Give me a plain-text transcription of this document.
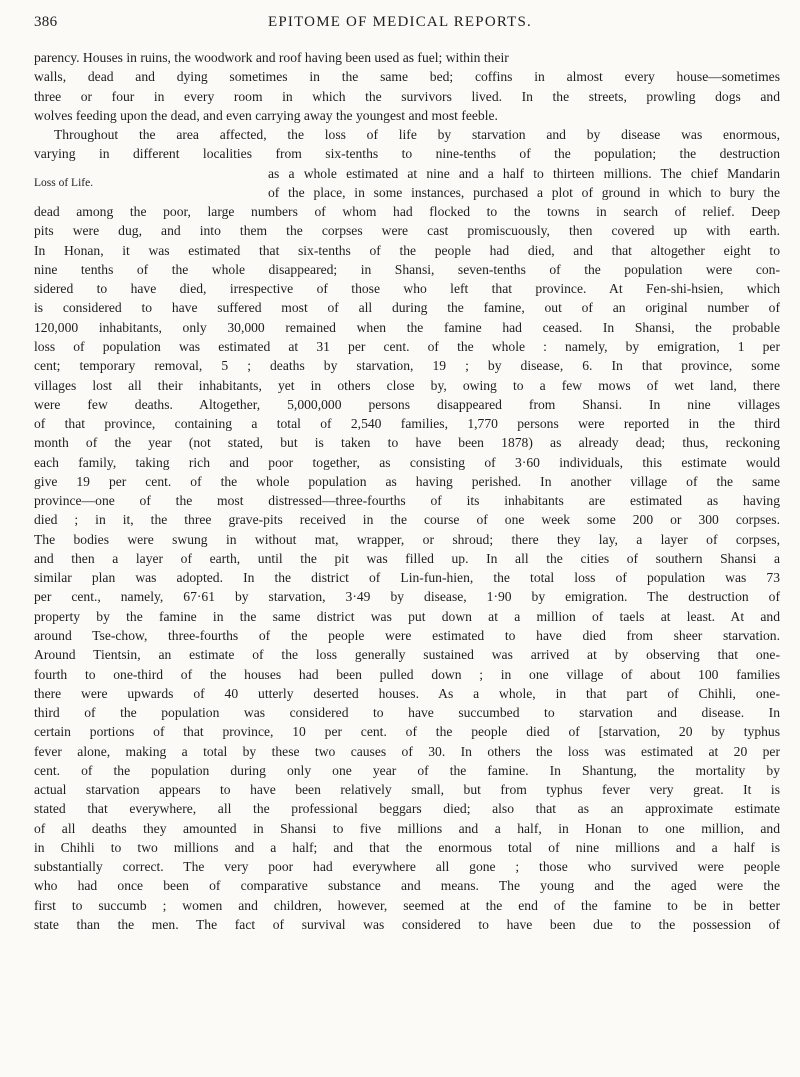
386	EPITOME OF MEDICAL REPORTS.
parency. Houses in ruins, the woodwork and roof having been used as fuel; within their
walls, dead and dying sometimes in the same bed; coffins in almost every house—sometimes
three or four in every room in which the survivors lived. In the streets, prowling dogs and
wolves feeding upon the dead, and even carrying away the youngest and most feeble.
Throughout the area affected, the loss of life by starvation and by disease was enormous,
varying in different localities from six-tenths to nine-tenths of the population; the destruction
Loss of Life.
as a whole estimated at nine and a half to thirteen millions. The chief Mandarin
of the place, in some instances, purchased a plot of ground in which to bury the
dead among the poor, large numbers of whom had flocked to the towns in search of relief. Deep
pits were dug, and into them the corpses were cast promiscuously, then covered up with earth.
In Honan, it was estimated that six-tenths of the people had died, and that altogether eight to
nine tenths of the whole disappeared; in Shansi, seven-tenths of the population were con-
sidered to have died, irrespective of those who left that province. At Fen-shi-hsien, which
is considered to have suffered most of all during the famine, out of an original number of
120,000 inhabitants, only 30,000 remained when the famine had ceased. In Shansi, the probable
loss of population was estimated at 31 per cent. of the whole : namely, by emigration, 1 per
cent; temporary removal, 5 ; deaths by starvation, 19 ; by disease, 6. In that province, some
villages lost all their inhabitants, yet in others close by, owing to a few mows of wet land, there
were few deaths. Altogether, 5,000,000 persons disappeared from Shansi. In nine villages
of that province, containing a total of 2,540 families, 1,770 persons were reported in the third
month of the year (not stated, but is taken to have been 1878) as already dead; thus, reckoning
each family, taking rich and poor together, as consisting of 3·60 individuals, this estimate would
give 19 per cent. of the whole population as having perished. In another village of the same
province—one of the most distressed—three-fourths of its inhabitants are estimated as having
died ; in it, the three grave-pits received in the course of one week some 200 or 300 corpses.
The bodies were swung in without mat, wrapper, or shroud; there they lay, a layer of corpses,
and then a layer of earth, until the pit was filled up. In all the cities of southern Shansi a
similar plan was adopted. In the district of Lin-fun-hien, the total loss of population was 73
per cent., namely, 67·61 by starvation, 3·49 by disease, 1·90 by emigration. The destruction of
property by the famine in the same district was put down at a million of taels at least. At and
around Tse-chow, three-fourths of the people were estimated to have died from sheer starvation.
Around Tientsin, an estimate of the loss generally sustained was arrived at by observing that one-
fourth to one-third of the houses had been pulled down ; in one village of about 100 families
there were upwards of 40 utterly deserted houses. As a whole, in that part of Chihli, one-
third of the population was considered to have succumbed to starvation and disease. In
certain portions of that province, 10 per cent. of the people died of [starvation, 20 by typhus
fever alone, making a total by these two causes of 30. In others the loss was estimated at 20 per
cent. of the population during only one year of the famine. In Shantung, the mortality by
actual starvation appears to have been relatively small, but from typhus fever very great. It is
stated that everywhere, all the professional beggars died; also that as an approximate estimate
of all deaths they amounted in Shansi to five millions and a half, in Honan to one million, and
in Chihli to two millions and a half; and that the enormous total of nine millions and a half is
substantially correct. The very poor had everywhere all gone ; those who survived were people
who had once been of comparative substance and means. The young and the aged were the
first to succumb ; women and children, however, seemed at the end of the famine to be in better
state than the men. The fact of survival was considered to have been due to the possession of
